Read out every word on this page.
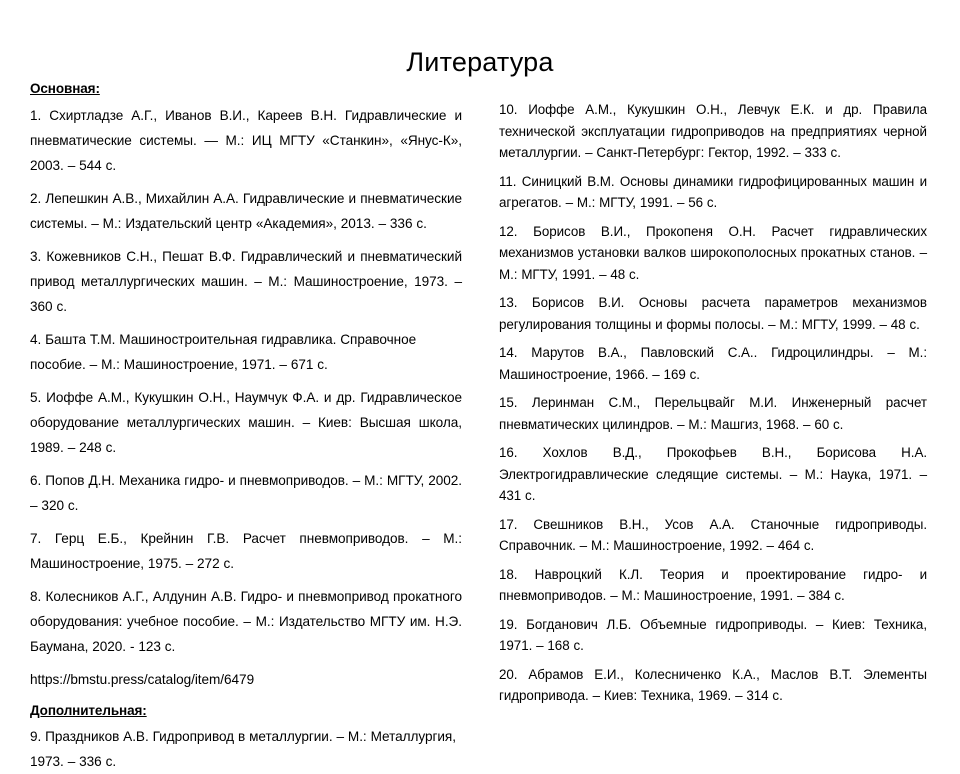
Литература
Основная:

1. Схиртладзе А.Г., Иванов В.И., Кареев В.Н. Гидравлические и пневматические системы. — М.: ИЦ МГТУ «Станкин», «Янус-К», 2003. – 544 с.

2. Лепешкин А.В., Михайлин А.А. Гидравлические и пневматические системы. – М.: Издательский центр «Академия», 2013. – 336 с.

3. Кожевников С.Н., Пешат В.Ф. Гидравлический и пневматический привод металлургических машин. – М.: Машиностроение, 1973. – 360 с.

4. Башта Т.М. Машиностроительная гидравлика. Справочное пособие. – М.: Машиностроение, 1971. – 671 с.

5. Иоффе А.М., Кукушкин О.Н., Наумчук Ф.А. и др. Гидравлическое оборудование металлургических машин. – Киев: Высшая школа, 1989. – 248 с.

6. Попов Д.Н. Механика гидро- и пневмоприводов. – М.: МГТУ, 2002. – 320 с.

7. Герц Е.Б., Крейнин Г.В. Расчет пневмоприводов. – М.: Машиностроение, 1975. – 272 с.

8. Колесников А.Г., Алдунин А.В. Гидро- и пневмопривод прокатного оборудования: учебное пособие. – М.: Издательство МГТУ им. Н.Э. Баумана, 2020. - 123 с.

https://bmstu.press/catalog/item/6479

Дополнительная:

9. Праздников А.В. Гидропривод в металлургии. – М.: Металлургия, 1973. – 336 с.

10. Иоффе А.М., Кукушкин О.Н., Левчук Е.К. и др. Правила технической эксплуатации гидроприводов на предприятиях черной металлургии. – Санкт-Петербург: Гектор, 1992. – 333 с.

11. Синицкий В.М. Основы динамики гидрофицированных машин и агрегатов. – М.: МГТУ, 1991. – 56 с.

12. Борисов В.И., Прокопеня О.Н. Расчет гидравлических механизмов установки валков широкополосных прокатных станов. – М.: МГТУ, 1991. – 48 с.

13. Борисов В.И. Основы расчета параметров механизмов регулирования толщины и формы полосы. – М.: МГТУ, 1999. – 48 с.

14. Марутов В.А., Павловский С.А.. Гидроцилиндры. – М.: Машиностроение, 1966. – 169 с.

15. Леринман С.М., Перельцвайг М.И. Инженерный расчет пневматических цилиндров. – М.: Машгиз, 1968. – 60 с.

16. Хохлов В.Д., Прокофьев В.Н., Борисова Н.А. Электрогидравлические следящие системы. – М.: Наука, 1971. – 431 с.

17. Свешников В.Н., Усов А.А. Станочные гидроприводы. Справочник. – М.: Машиностроение, 1992. – 464 с.

18. Навроцкий К.Л. Теория и проектирование гидро- и пневмоприводов. – М.: Машиностроение, 1991. – 384 с.

19. Богданович Л.Б. Объемные гидроприводы. – Киев: Техника, 1971. – 168 с.

20. Абрамов Е.И., Колесниченко К.А., Маслов В.Т. Элементы гидропривода. – Киев: Техника, 1969. – 314 с.
